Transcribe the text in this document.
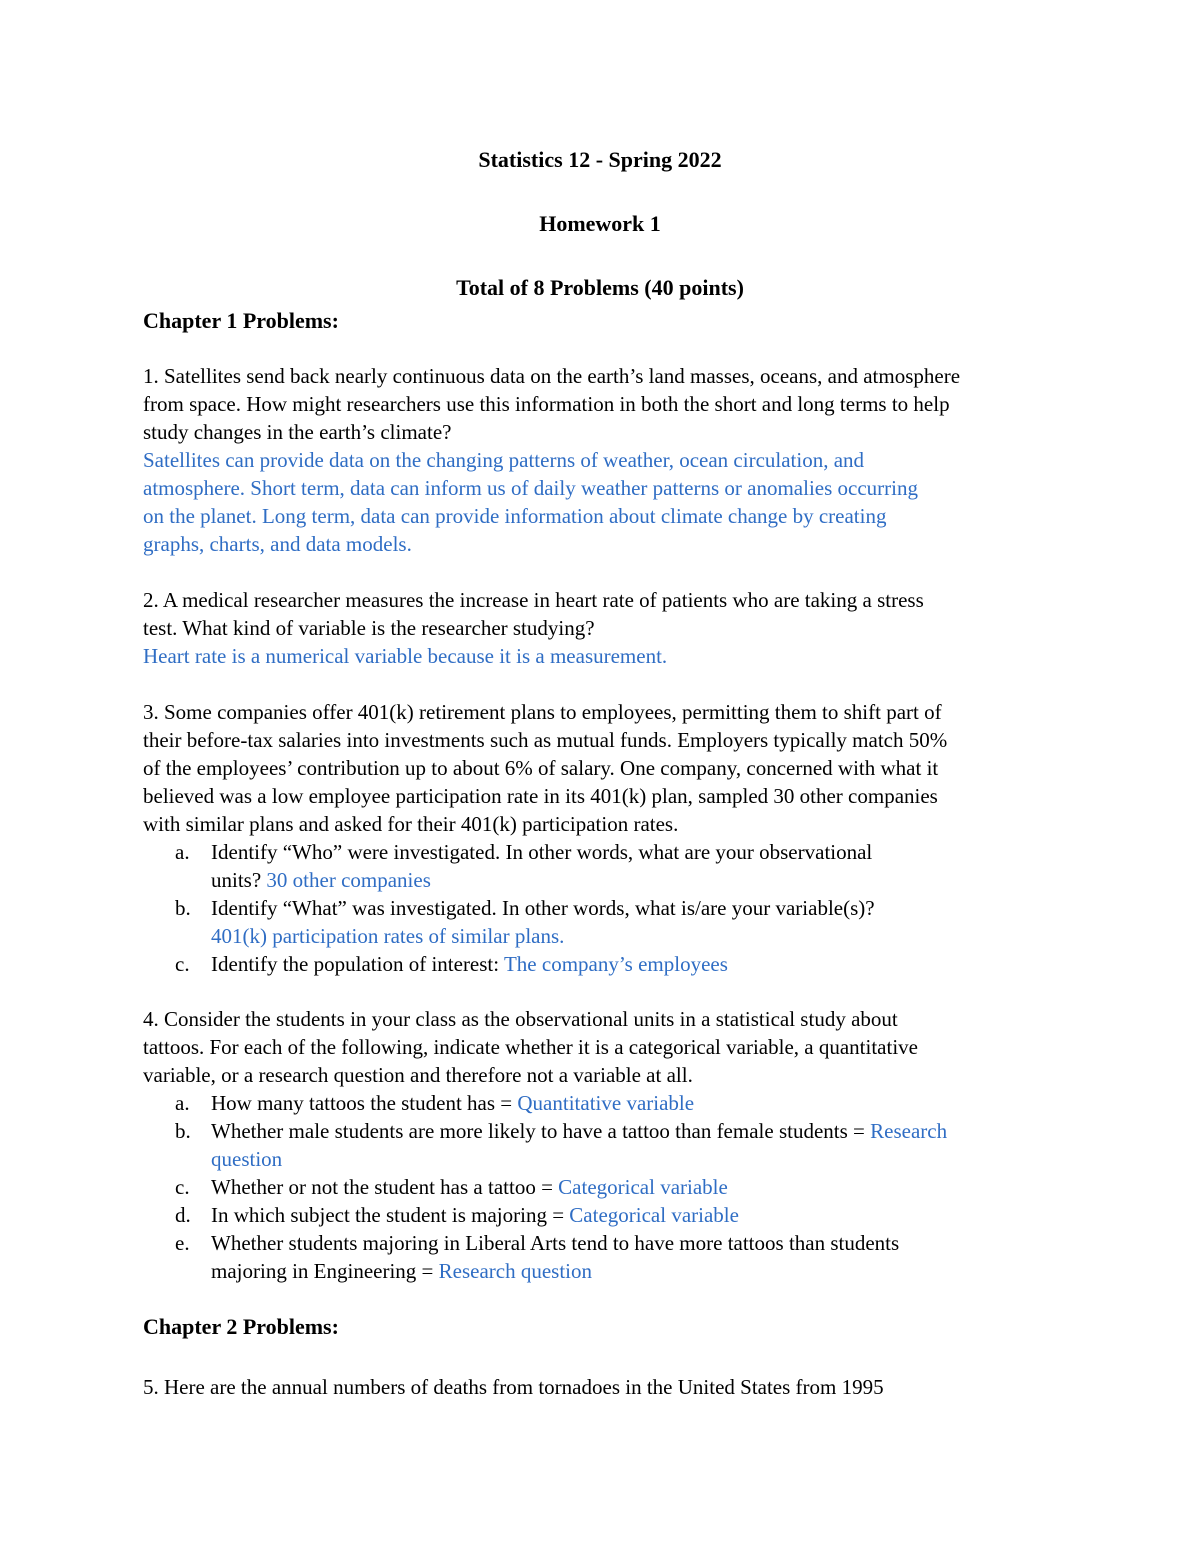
Statistics 12 - Spring 2022
Homework 1
Total of 8 Problems (40 points)
Chapter 1 Problems:

1. Satellites send back nearly continuous data on the earth’s land masses, oceans, and atmosphere

from space. How might researchers use this information in both the short and long terms to help

study changes in the earth’s climate?

Satellites can provide data on the changing patterns of weather, ocean circulation, and

atmosphere. Short term, data can inform us of daily weather patterns or anomalies occurring

on the planet. Long term, data can provide information about climate change by creating

graphs, charts, and data models.

2. A medical researcher measures the increase in heart rate of patients who are taking a stress

test. What kind of variable is the researcher studying?

Heart rate is a numerical variable because it is a measurement.

3. Some companies offer 401(k) retirement plans to employees, permitting them to shift part of

their before-tax salaries into investments such as mutual funds. Employers typically match 50%

of the employees’ contribution up to about 6% of salary. One company, concerned with what it

believed was a low employee participation rate in its 401(k) plan, sampled 30 other companies

with similar plans and asked for their 401(k) participation rates.

a. Identify “Who” were investigated. In other words, what are your observational
units? 30 other companies
b. Identify “What” was investigated. In other words, what is/are your variable(s)?
401(k) participation rates of similar plans.
c. Identify the population of interest: The company’s employees

4. Consider the students in your class as the observational units in a statistical study about

tattoos. For each of the following, indicate whether it is a categorical variable, a quantitative

variable, or a research question and therefore not a variable at all.

a. How many tattoos the student has = Quantitative variable
b. Whether male students are more likely to have a tattoo than female students = Research
question
c. Whether or not the student has a tattoo = Categorical variable
d. In which subject the student is majoring = Categorical variable
e. Whether students majoring in Liberal Arts tend to have more tattoos than students
majoring in Engineering = Research question
Chapter 2 Problems:

5. Here are the annual numbers of deaths from tornadoes in the United States from 1995
